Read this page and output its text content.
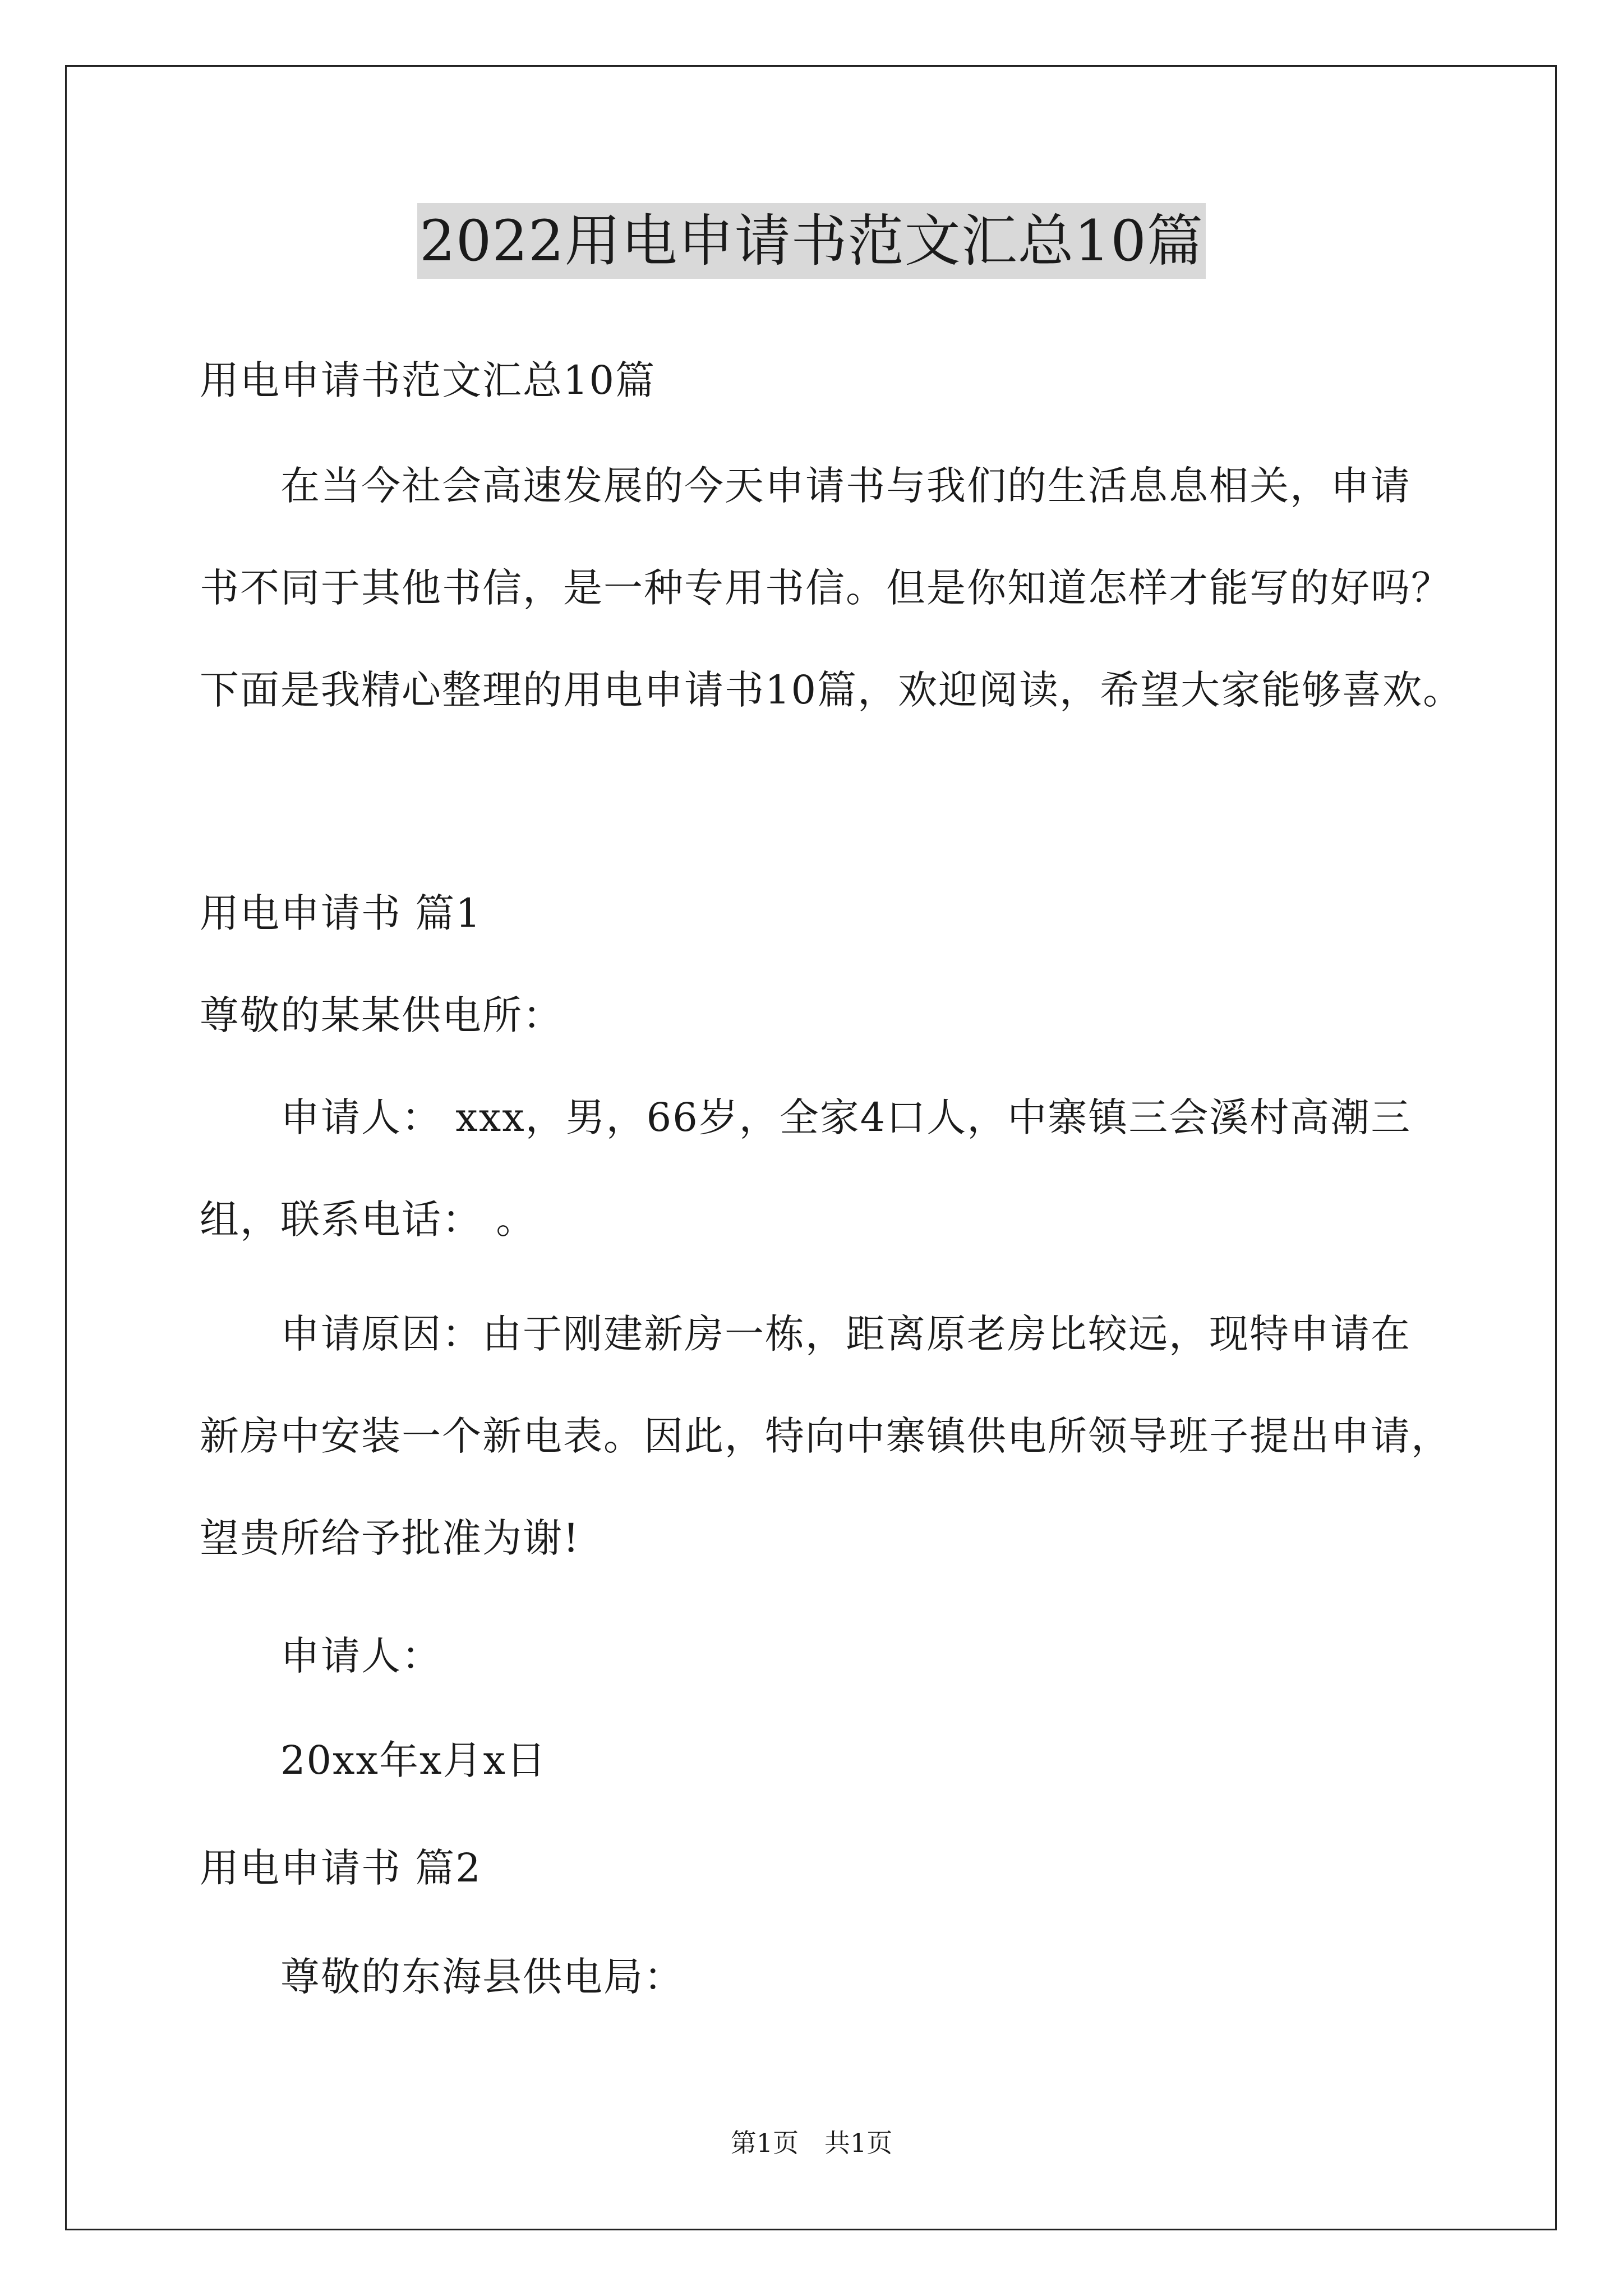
2022用电申请书范文汇总10篇
用电申请书范文汇总10篇
在当今社会高速发展的今天申请书与我们的生活息息相关，申请
书不同于其他书信，是一种专用书信。但是你知道怎样才能写的好吗？
下面是我精心整理的用电申请书10篇，欢迎阅读，希望大家能够喜欢。
用电申请书 篇1
尊敬的某某供电所：
申请人： xxx，男，66岁，全家4口人，中寨镇三会溪村高潮三
组，联系电话： 。
申请原因：由于刚建新房一栋，距离原老房比较远，现特申请在
新房中安装一个新电表。因此，特向中寨镇供电所领导班子提出申请，
望贵所给予批准为谢!
申请人：
20xx年x月x日
用电申请书 篇2
尊敬的东海县供电局：
第1页　共1页
